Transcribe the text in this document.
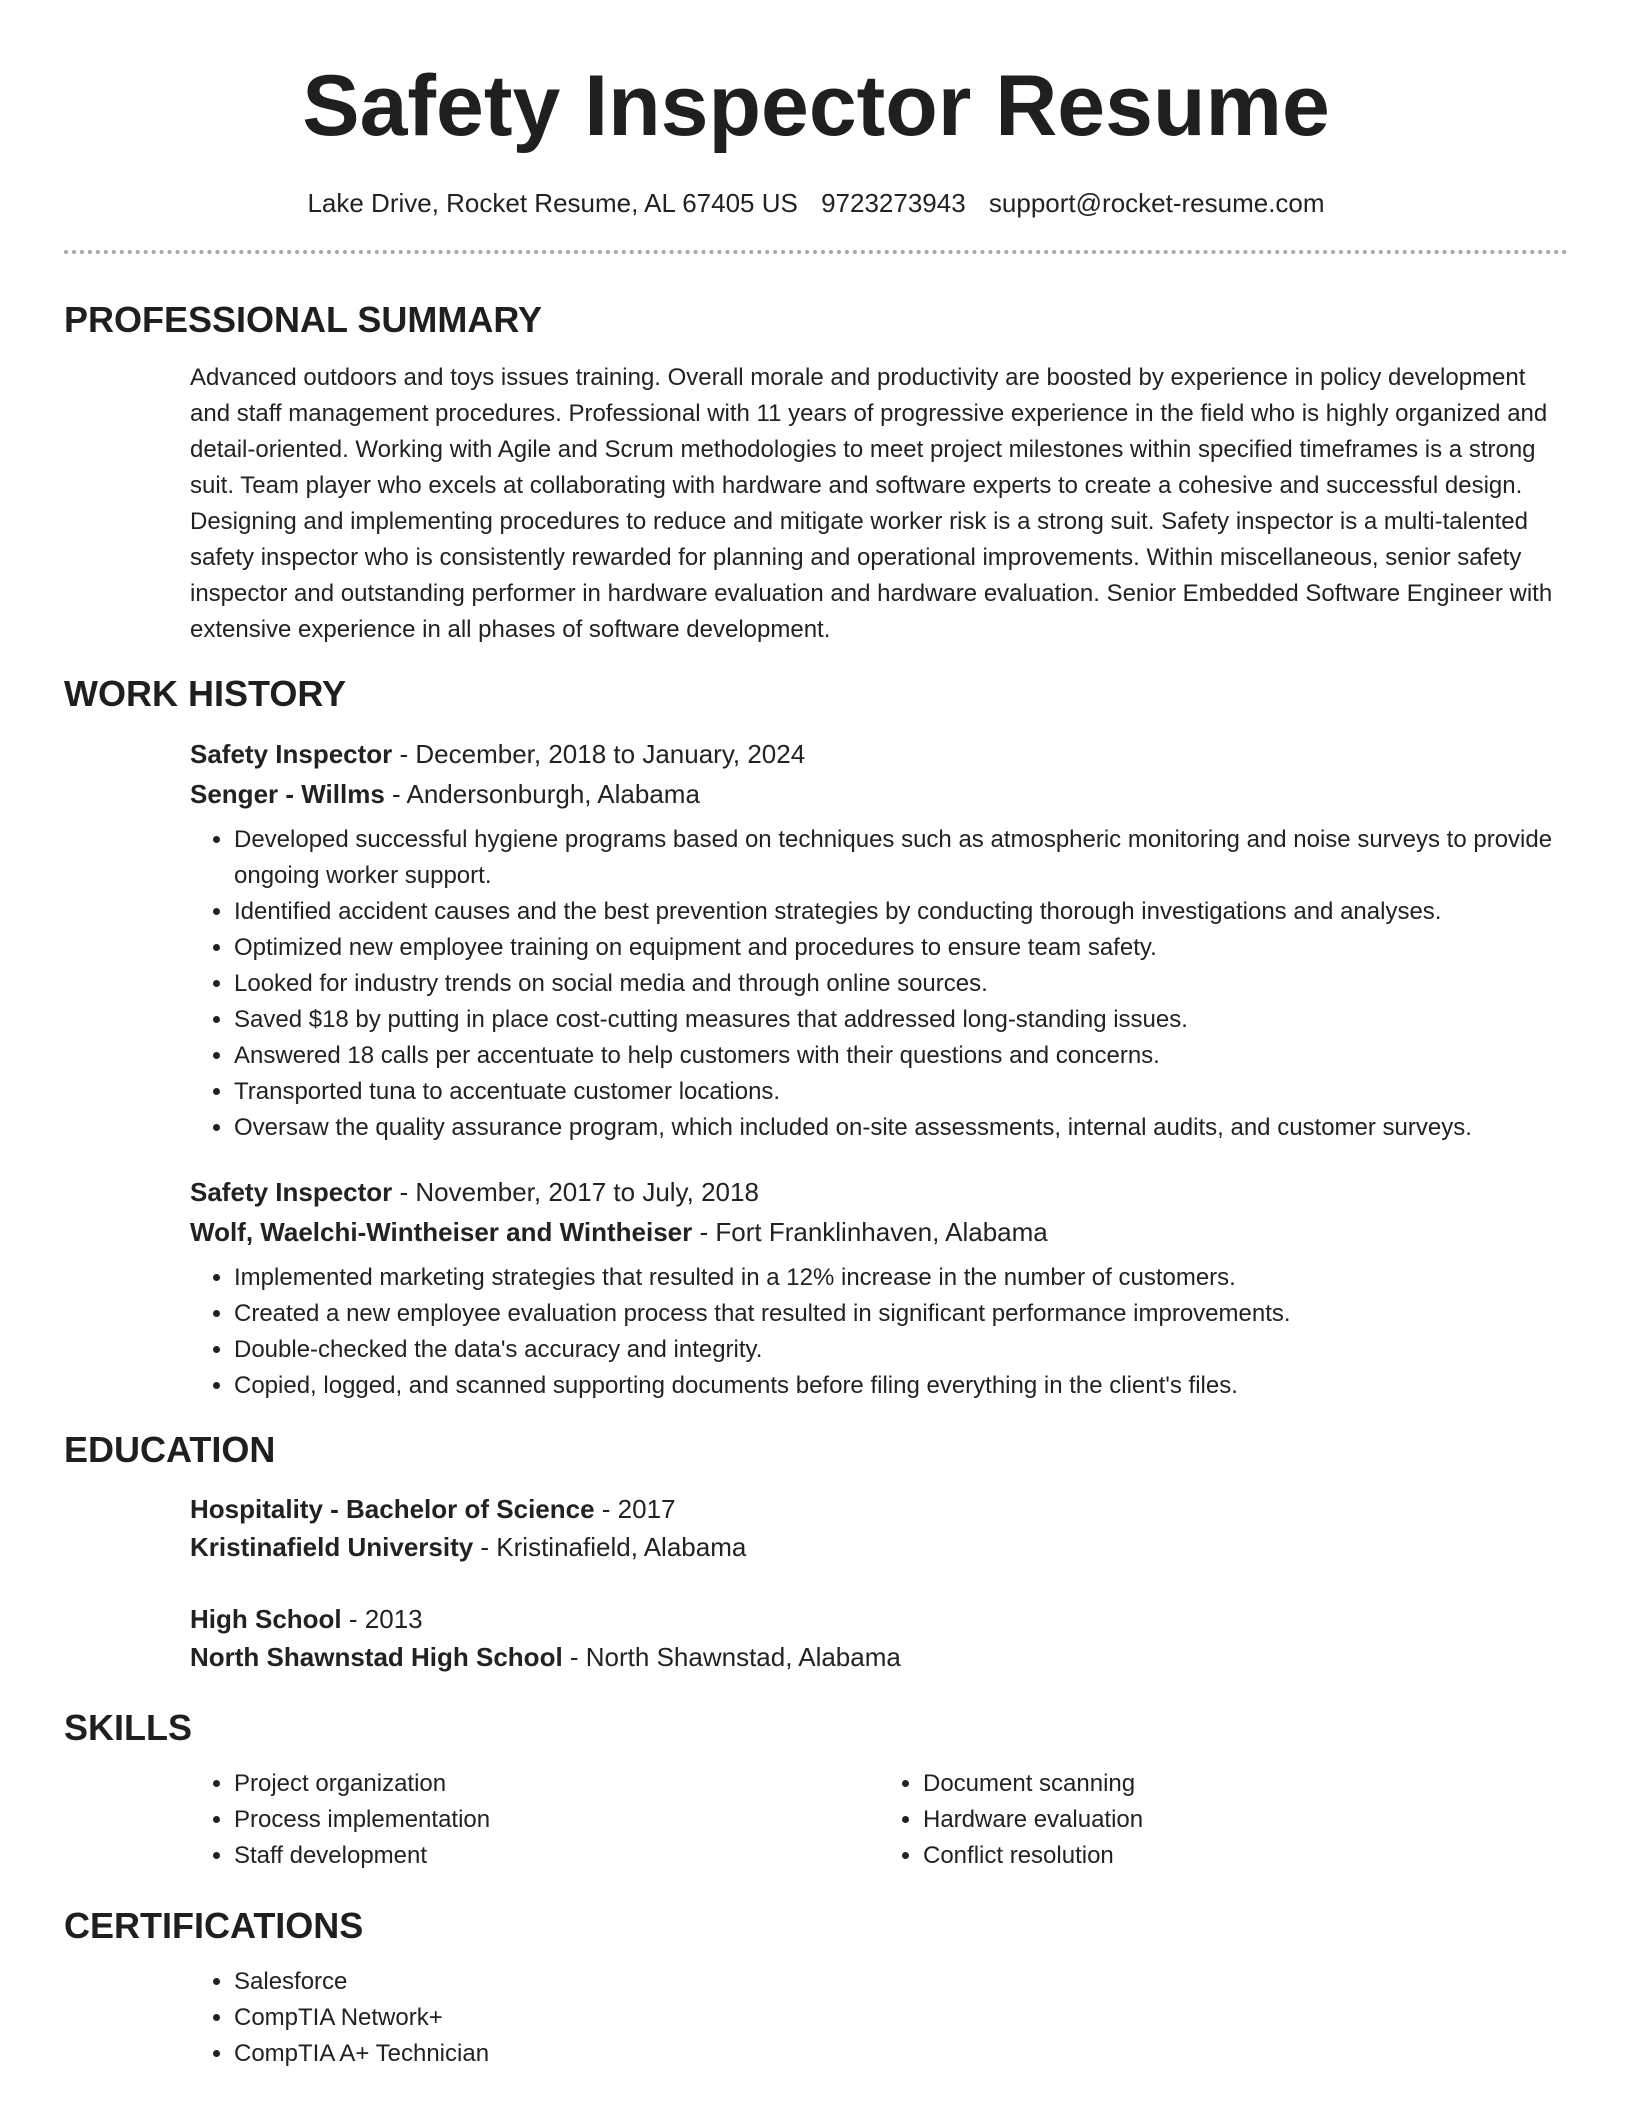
Safety Inspector Resume
Lake Drive, Rocket Resume, AL 67405 US 9723273943 support@rocket-resume.com
PROFESSIONAL SUMMARY

Advanced outdoors and toys issues training. Overall morale and productivity are boosted by experience in policy development and staff management procedures. Professional with 11 years of progressive experience in the field who is highly organized and detail-oriented. Working with Agile and Scrum methodologies to meet project milestones within specified timeframes is a strong suit. Team player who excels at collaborating with hardware and software experts to create a cohesive and successful design. Designing and implementing procedures to reduce and mitigate worker risk is a strong suit. Safety inspector is a multi-talented safety inspector who is consistently rewarded for planning and operational improvements. Within miscellaneous, senior safety inspector and outstanding performer in hardware evaluation and hardware evaluation. Senior Embedded Software Engineer with extensive experience in all phases of software development.

WORK HISTORY

Safety Inspector - December, 2018 to January, 2024

Senger - Willms - Andersonburgh, Alabama

• Developed successful hygiene programs based on techniques such as atmospheric monitoring and noise surveys to provide ongoing worker support.
• Identified accident causes and the best prevention strategies by conducting thorough investigations and analyses.
• Optimized new employee training on equipment and procedures to ensure team safety.
• Looked for industry trends on social media and through online sources.
• Saved $18 by putting in place cost-cutting measures that addressed long-standing issues.
• Answered 18 calls per accentuate to help customers with their questions and concerns.
• Transported tuna to accentuate customer locations.
• Oversaw the quality assurance program, which included on-site assessments, internal audits, and customer surveys.

Safety Inspector - November, 2017 to July, 2018

Wolf, Waelchi-Wintheiser and Wintheiser - Fort Franklinhaven, Alabama

• Implemented marketing strategies that resulted in a 12% increase in the number of customers.
• Created a new employee evaluation process that resulted in significant performance improvements.
• Double-checked the data's accuracy and integrity.
• Copied, logged, and scanned supporting documents before filing everything in the client's files.
EDUCATION

Hospitality - Bachelor of Science - 2017

Kristinafield University - Kristinafield, Alabama

High School - 2013

North Shawnstad High School - North Shawnstad, Alabama

SKILLS
• Project organization
• Process implementation
• Staff development
• Document scanning
• Hardware evaluation
• Conflict resolution
CERTIFICATIONS
• Salesforce
• CompTIA Network+
• CompTIA A+ Technician
